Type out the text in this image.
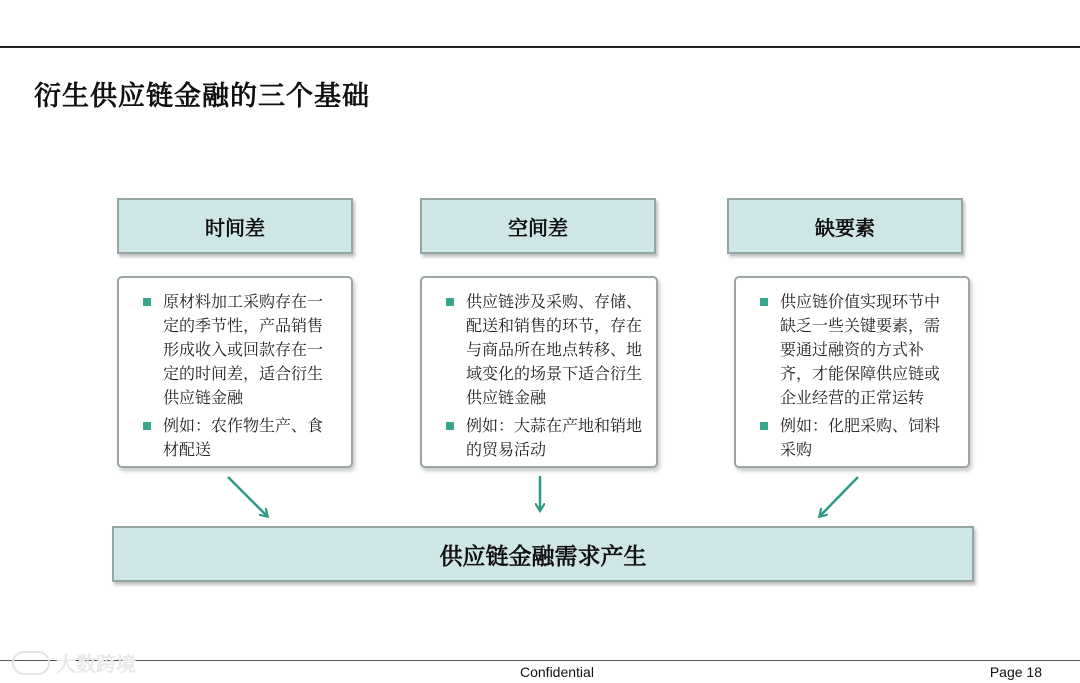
衍生供应链金融的三个基础
时间差
原材料加工采购存在一定的季节性，产品销售形成收入或回款存在一定的时间差，适合衍生供应链金融
例如：农作物生产、食材配送
空间差
供应链涉及采购、存储、配送和销售的环节，存在与商品所在地点转移、地域变化的场景下适合衍生供应链金融
例如：大蒜在产地和销地的贸易活动
缺要素
供应链价值实现环节中缺乏一些关键要素，需要通过融资的方式补齐，才能保障供应链或企业经营的正常运转
例如：化肥采购、饲料采购
供应链金融需求产生
大数跨境	Confidential	Page 18
